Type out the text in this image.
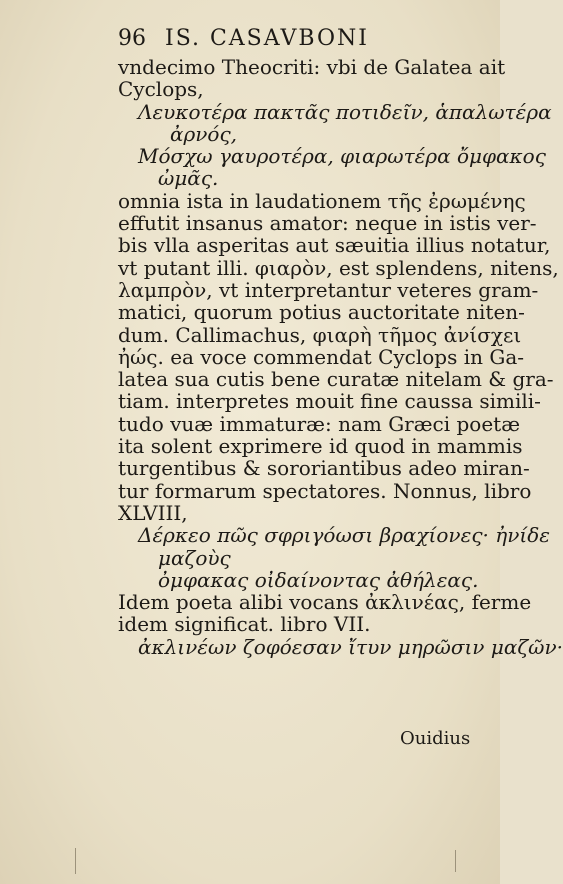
96 IS. CASAVBONI
vndecimo Theocriti: vbi de Galatea ait
Cyclops,
Λευκοτέρα πακτᾶς ποτιδεῖν, ἁπαλωτέρα
ἀρνός,
Μόσχω γαυροτέρα, φιαρωτέρα ὄμφακος
ὠμᾶς.
omnia ista in laudationem τῆς ἐρωμένης
effutit insanus amator: neque in istis ver-
bis vlla asperitas aut sæuitia illius notatur,
vt putant illi. φιαρὸν, est splendens, nitens,
λαμπρὸν, vt interpretantur veteres gram-
matici, quorum potius auctoritate niten-
dum. Callimachus, φιαρὴ τῆμος ἀνίσχει
ἠώς. ea voce commendat Cyclops in Ga-
latea sua cutis bene curatæ nitelam & gra-
tiam. interpretes mouit fine caussa simili-
tudo vuæ immaturæ: nam Græci poetæ
ita solent exprimere id quod in mammis
turgentibus & sororiantibus adeo miran-
tur formarum spectatores. Nonnus, libro
XLVIII,
Δέρκεο πῶς σφριγόωσι βραχίονες· ἠνίδε
μαζοὺς
ὀμφακας οἰδαίνοντας ἀθήλεας.
Idem poeta alibi vocans ἀκλινέας, ferme
idem significat. libro VII.
ἀκλινέων ζοφόεσαν ἴτυν μηρῶσιν μαζῶν·
Ouidius
